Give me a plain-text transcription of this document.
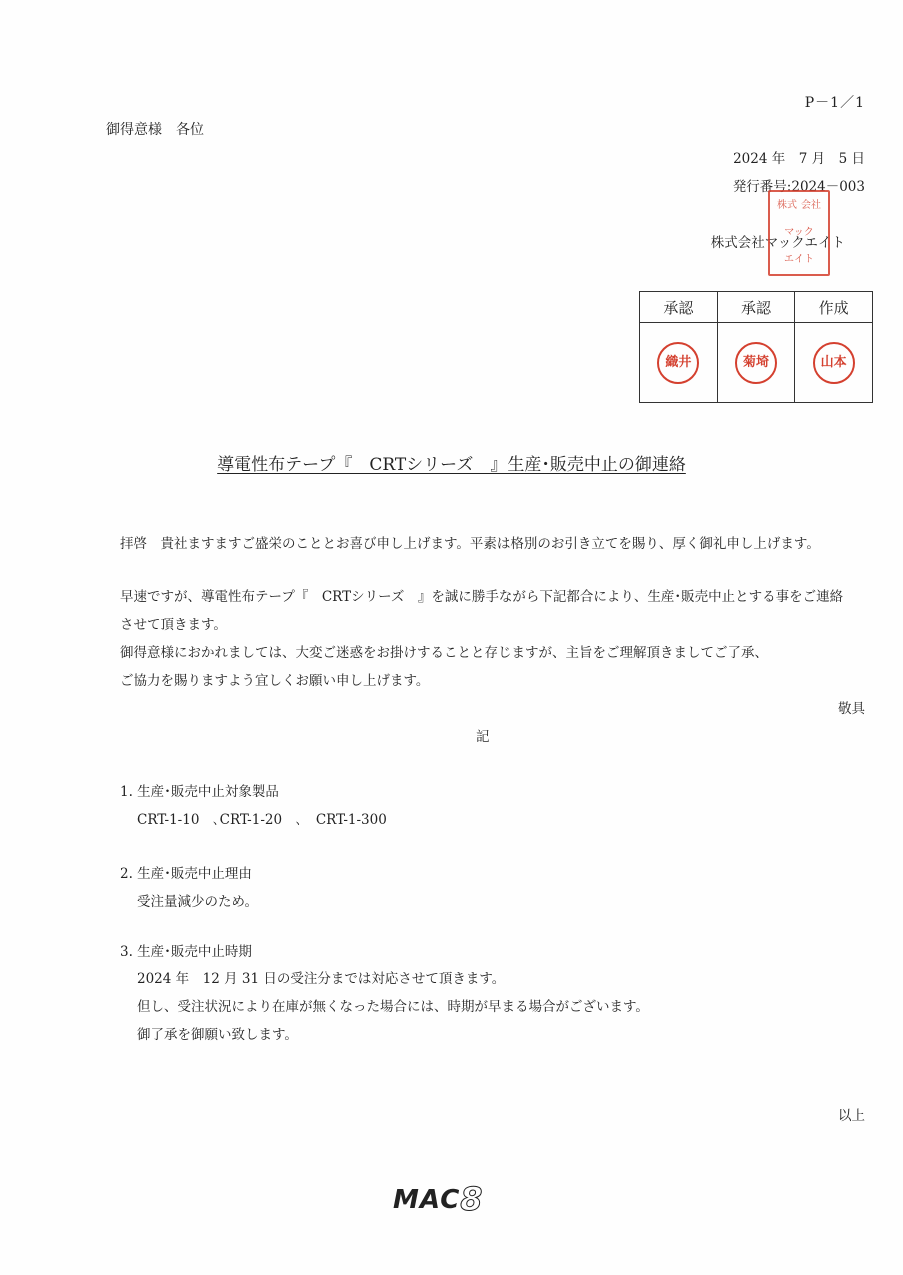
P－1／1
御得意様　各位
2024 年　7 月　5 日
発行番号:2024－003
株式会社マックエイト
株式 会社
マック
エイト
承認	承認	作成

織井	菊埼	山本
導電性布テープ『　CRTシリーズ　』生産･販売中止の御連絡
拝啓　貴社ますますご盛栄のこととお喜び申し上げます。平素は格別のお引き立てを賜り、厚く御礼申し上げます。
早速ですが、導電性布テープ『　CRTシリーズ　』を誠に勝手ながら下記都合により、生産･販売中止とする事をご連絡
させて頂きます。
御得意様におかれましては、大変ご迷惑をお掛けすることと存じますが、主旨をご理解頂きましてご了承、
ご協力を賜りますよう宜しくお願い申し上げます。
敬具
記
1. 生産･販売中止対象製品
CRT-1-10　､CRT-1-20　､　CRT-1-300
2. 生産･販売中止理由
受注量減少のため。
3. 生産･販売中止時期
2024 年　12 月 31 日の受注分までは対応させて頂きます。
但し、受注状況により在庫が無くなった場合には、時期が早まる場合がございます。
御了承を御願い致します。
以上
MAC8
